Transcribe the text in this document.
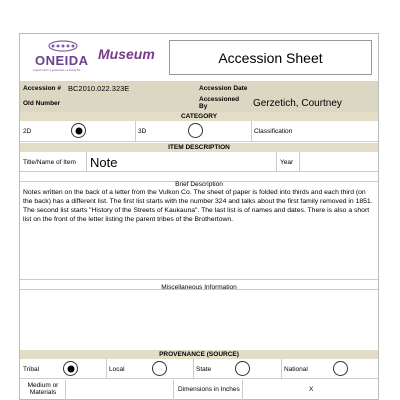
ONEIDA
A good mind • a good heart • a strong fire
Museum	Accession Sheet
Accession # BC2010.022.323E	Accession Date
Old Number
Accessioned By	Gerzetich, Courtney
CATEGORY
2D	3D	Classification
ITEM DESCRIPTION
Title/Name of Item Note	Year
Brief Description
Notes written on the back of a letter from the Vulkon Co. The sheet of paper is folded into thirds and each third (on the back) has a different list. The first list starts with the number 324 and talks about the first family removed in 1851. The second list starts "History of the Streets of Kaukauna". The last list is of names and dates. There is also a short list on the front of the letter listing the parent tribes of the Brothertown.
Miscellaneous Information
PROVENANCE (SOURCE)
Tribal	Local	State	National
Medium or Materials	Dimensions in Inches	X
